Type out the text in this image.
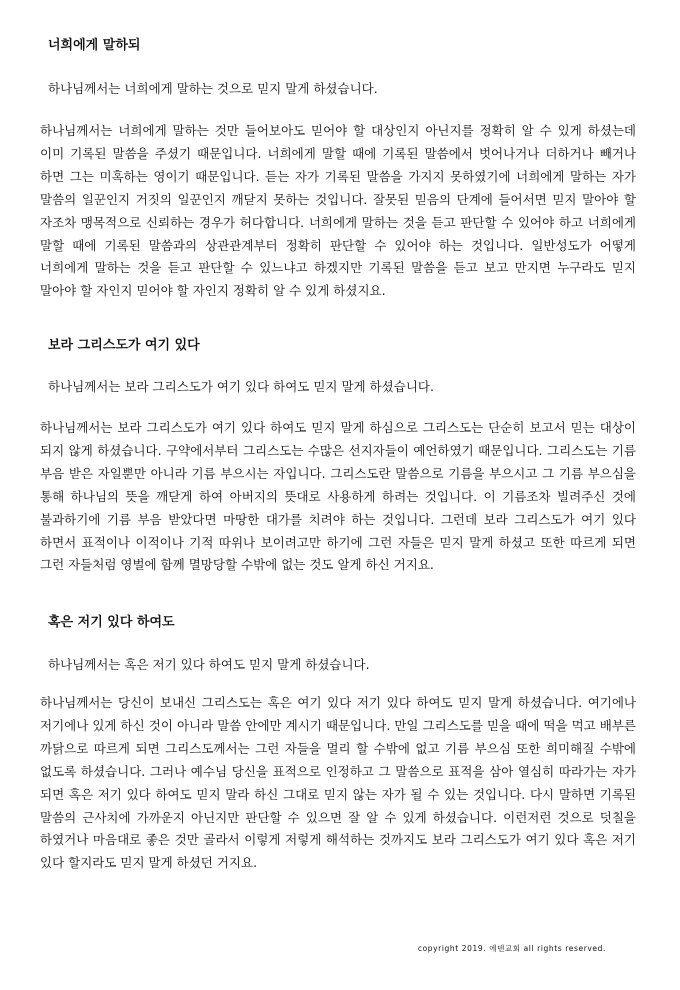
너희에게 말하되
하나님께서는 너희에게 말하는 것으로 믿지 말게 하셨습니다.
하나님께서는 너희에게 말하는 것만 들어보아도 믿어야 할 대상인지 아닌지를 정확히 알 수 있게 하셨는데 이미 기록된 말씀을 주셨기 때문입니다. 너희에게 말할 때에 기록된 말씀에서 벗어나거나 더하거나 빼거나 하면 그는 미혹하는 영이기 때문입니다. 듣는 자가 기록된 말씀을 가지지 못하였기에 너희에게 말하는 자가 말씀의 일꾼인지 거짓의 일꾼인지 깨닫지 못하는 것입니다. 잘못된 믿음의 단계에 들어서면 믿지 말아야 할 자조차 맹목적으로 신뢰하는 경우가 허다합니다. 너희에게 말하는 것을 듣고 판단할 수 있어야 하고 너희에게 말할 때에 기록된 말씀과의 상관관계부터 정확히 판단할 수 있어야 하는 것입니다. 일반성도가 어떻게 너희에게 말하는 것을 듣고 판단할 수 있느냐고 하겠지만 기록된 말씀을 듣고 보고 만지면 누구라도 믿지 말아야 할 자인지 믿어야 할 자인지 정확히 알 수 있게 하셨지요.
보라 그리스도가 여기 있다
하나님께서는 보라 그리스도가 여기 있다 하여도 믿지 말게 하셨습니다.
하나님께서는 보라 그리스도가 여기 있다 하여도 믿지 말게 하심으로 그리스도는 단순히 보고서 믿는 대상이 되지 않게 하셨습니다. 구약에서부터 그리스도는 수많은 선지자들이 예언하였기 때문입니다. 그리스도는 기름 부음 받은 자일뿐만 아니라 기름 부으시는 자입니다. 그리스도란 말씀으로 기름을 부으시고 그 기름 부으심을 통해 하나님의 뜻을 깨닫게 하여 아버지의 뜻대로 사용하게 하려는 것입니다. 이 기름조차 빌려주신 것에 불과하기에 기름 부음 받았다면 마땅한 대가를 치려야 하는 것입니다. 그런데 보라 그리스도가 여기 있다 하면서 표적이나 이적이나 기적 따위나 보이려고만 하기에 그런 자들은 믿지 말게 하셨고 또한 따르게 되면 그런 자들처럼 영벌에 함께 멸망당할 수밖에 없는 것도 알게 하신 거지요.
혹은 저기 있다 하여도
하나님께서는 혹은 저기 있다 하여도 믿지 말게 하셨습니다.
하나님께서는 당신이 보내신 그리스도는 혹은 여기 있다 저기 있다 하여도 믿지 말게 하셨습니다. 여기에나 저기에나 있게 하신 것이 아니라 말씀 안에만 계시기 때문입니다. 만일 그리스도를 믿을 때에 떡을 먹고 배부른 까닭으로 따르게 되면 그리스도께서는 그런 자들을 멀리 할 수밖에 없고 기름 부으심 또한 희미해질 수밖에 없도록 하셨습니다. 그러나 예수님 당신을 표적으로 인정하고 그 말씀으로 표적을 삼아 열심히 따라가는 자가 되면 혹은 저기 있다 하여도 믿지 말라 하신 그대로 믿지 않는 자가 될 수 있는 것입니다. 다시 말하면 기록된 말씀의 근사치에 가까운지 아닌지만 판단할 수 있으면 잘 알 수 있게 하셨습니다. 이런저런 것으로 덧칠을 하였거나 마음대로 좋은 것만 골라서 이렇게 저렇게 해석하는 것까지도 보라 그리스도가 여기 있다 혹은 저기 있다 할지라도 믿지 말게 하셨던 거지요.
copyright 2019. 에덴교회 all rights reserved.
